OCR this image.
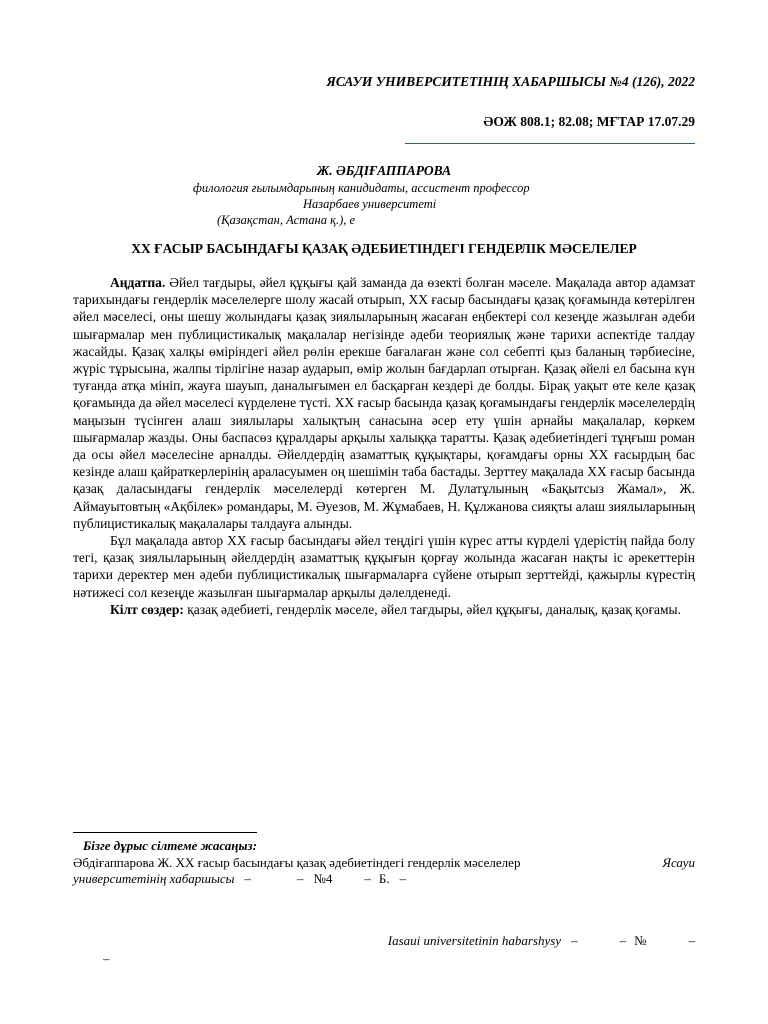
ЯСАУИ УНИВЕРСИТЕТІНІҢ ХАБАРШЫСЫ №4 (126), 2022
ӘОЖ 808.1; 82.08; МҒТАР 17.07.29
Ж. ӘБДІҒАППАРОВА
филология ғылымдарының канидидаты, ассистент профессор
Назарбаев университеті
(Қазақстан, Астана қ.), е
ХХ ҒАСЫР БАСЫНДАҒЫ ҚАЗАҚ ӘДЕБИЕТІНДЕГІ ГЕНДЕРЛІК МӘСЕЛЕЛЕР

Аңдатпа. Әйел тағдыры, әйел құқығы қай заманда да өзекті болған мәселе. Мақалада автор адамзат тарихындағы гендерлік мәселелерге шолу жасай отырып, ХХ ғасыр басындағы қазақ қоғамында көтерілген әйел мәселесі, оны шешу жолындағы қазақ зиялыларының жасаған еңбектері сол кезеңде жазылған әдеби шығармалар мен публицистикалық мақалалар негізінде әдеби теориялық және тарихи аспектіде талдау жасайды. Қазақ халқы өміріндегі әйел рөлін ерекше бағалаған және сол себепті қыз баланың тәрбиесіне, жүріс тұрысына, жалпы тірлігіне назар аударып, өмір жолын бағдарлап отырған. Қазақ әйелі ел басына күн туғанда атқа мініп, жауға шауып, даналығымен ел басқарған кездері де болды. Бірақ уақыт өте келе қазақ қоғамында да әйел мәселесі күрделене түсті. ХХ ғасыр басында қазақ қоғамындағы гендерлік мәселелердің маңызын түсінген алаш зиялылары халықтың санасына әсер ету үшін арнайы мақалалар, көркем шығармалар жазды. Оны баспасөз құралдары арқылы халыққа таратты. Қазақ әдебиетіндегі тұңғыш роман да осы әйел мәселесіне арналды. Әйелдердің азаматтық құқықтары, қоғамдағы орны ХХ ғасырдың бас кезінде алаш қайраткерлерінің араласуымен оң шешімін таба бастады. Зерттеу мақалада ХХ ғасыр басында қазақ даласындағы гендерлік мәселелерді көтерген М. Дулатұлының «Бақытсыз Жамал», Ж. Аймауытовтың «Ақбілек» романдары, М. Әуезов, М. Жұмабаев, Н. Құлжанова сияқты алаш зиялыларының публицистикалық мақалалары талдауға алынды.

Бұл мақалада автор ХХ ғасыр басындағы әйел теңдігі үшін күрес атты күрделі үдерістің пайда болу тегі, қазақ зиялыларының әйелдердің азаматтық құқығын қорғау жолында жасаған нақты іс әрекеттерін тарихи деректер мен әдеби публицистикалық шығармаларға сүйене отырып зерттейді, қажырлы күрестің нәтижесі сол кезеңде жазылған шығармалар арқылы дәлелденеді.

Кілт сөздер: қазақ әдебиеті, гендерлік мәселе, әйел тағдыры, әйел құқығы, даналық, қазақ қоғамы.

Бізге дұрыс сілтеме жасаңыз:
Әбдіғаппарова Ж. ХХ ғасыр басындағы қазақ әдебиетіндегі гендерлік мәселелер	Ясауи
университетінің хабаршысы –	– №4 – Б. –
Iasaui universitetinin habarshysy –	– №	–
–
